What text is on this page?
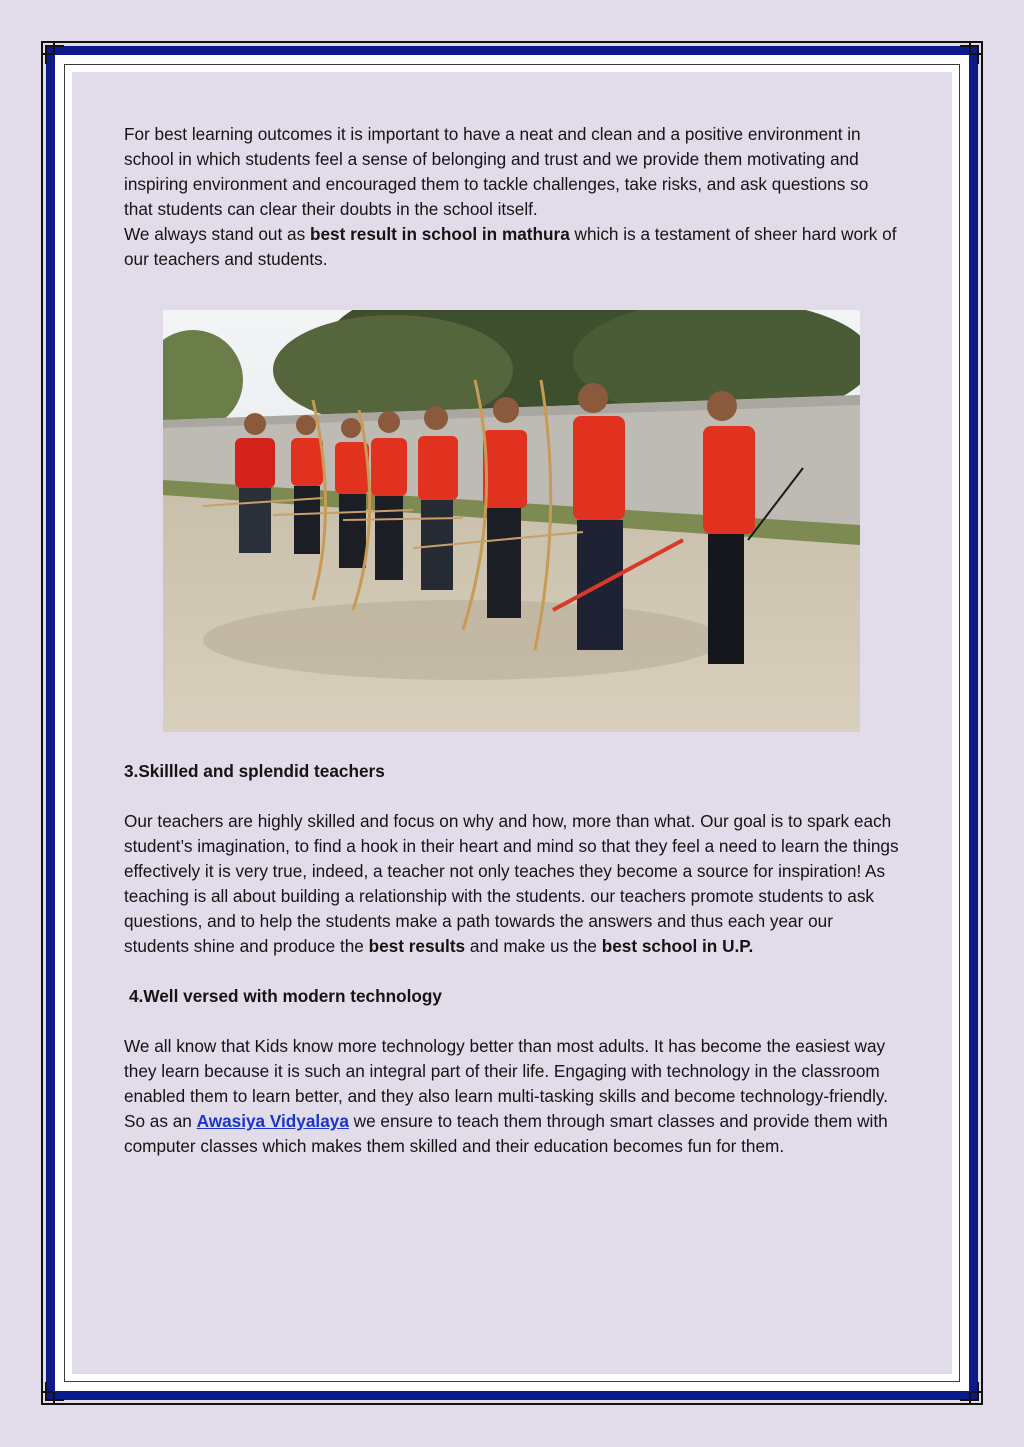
For best learning outcomes it is important to have a neat and clean and a positive environment in school in which students feel a sense of belonging and trust and we provide them motivating and inspiring environment and encouraged them to tackle challenges, take risks, and ask questions so that students can clear their doubts in the school itself.

We always stand out as best result in school in mathura which is a testament of sheer hard work of our teachers and students.

3.Skillled and splendid teachers

Our teachers are highly skilled and focus on why and how, more than what. Our goal is to spark each student’s imagination, to find a hook in their heart and mind so that they feel a need to learn the things effectively it is very true, indeed, a teacher not only teaches they become a source for inspiration! As teaching is all about building a relationship with the students. our teachers promote students to ask questions, and to help the students make a path towards the answers and thus each year our students shine and produce the best results and make us the best school in U.P.

4.Well versed with modern technology

We all know that Kids know more technology better than most adults. It has become the easiest way they learn because it is such an integral part of their life. Engaging with technology in the classroom enabled them to learn better, and they also learn multi-tasking skills and become technology-friendly.

So as an Awasiya Vidyalaya we ensure to teach them through smart classes and provide them with computer classes which makes them skilled and their education becomes fun for them.
